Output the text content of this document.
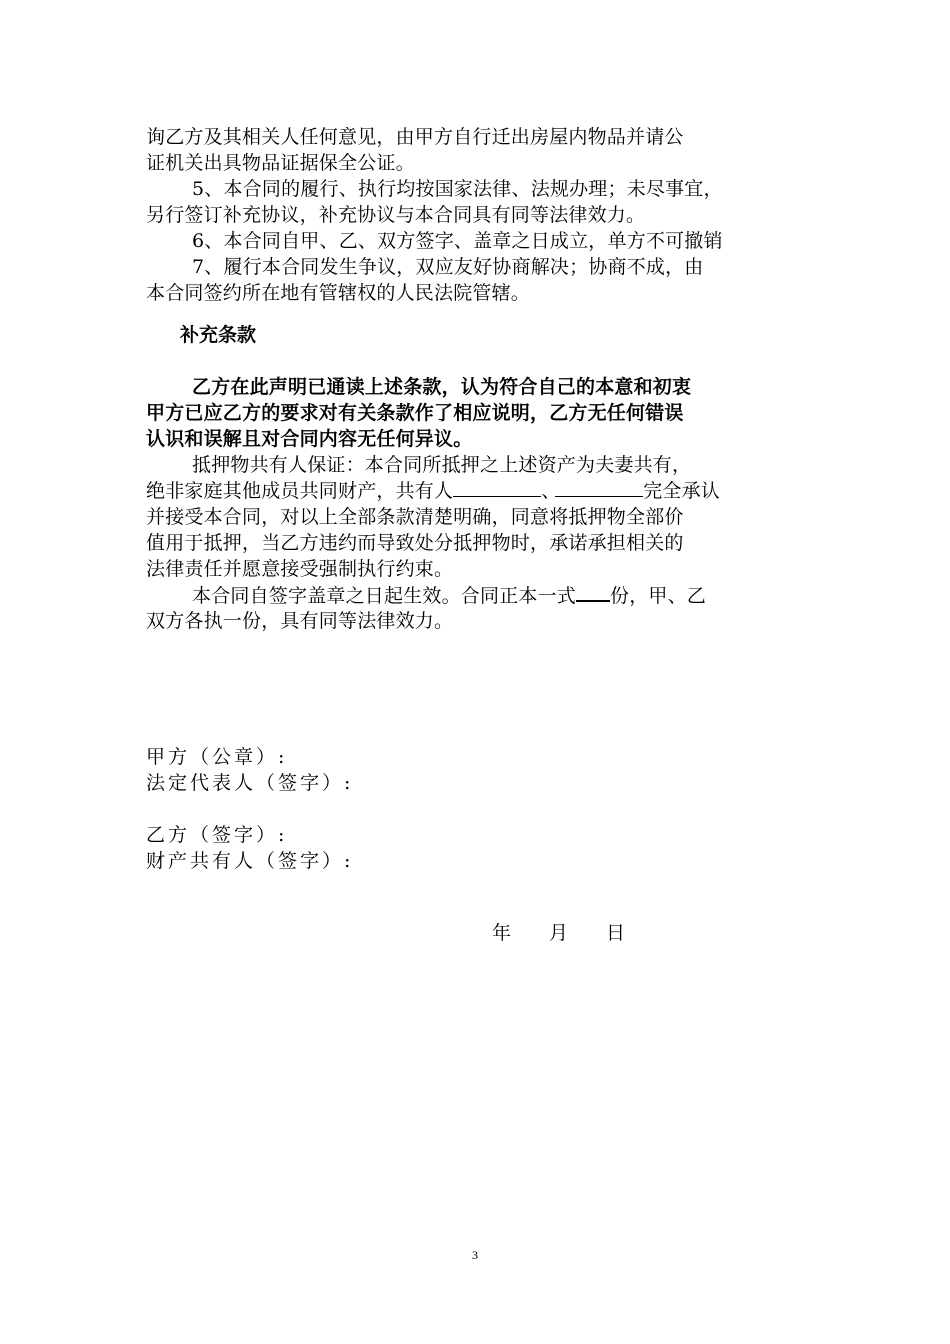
询乙方及其相关人任何意见，由甲方自行迁出房屋内物品并请公
证机关出具物品证据保全公证。
5、本合同的履行、执行均按国家法律、法规办理；未尽事宜，
另行签订补充协议，补充协议与本合同具有同等法律效力。
6、本合同自甲、乙、双方签字、盖章之日成立，单方不可撤销
7、履行本合同发生争议，双应友好协商解决；协商不成，由
本合同签约所在地有管辖权的人民法院管辖。
补充条款
乙方在此声明已通读上述条款，认为符合自己的本意和初衷
甲方已应乙方的要求对有关条款作了相应说明，乙方无任何错误
认识和误解且对合同内容无任何异议。
抵押物共有人保证：本合同所抵押之上述资产为夫妻共有，
绝非家庭其他成员共同财产，共有人	、	完全承认
并接受本合同，对以上全部条款清楚明确，同意将抵押物全部价
值用于抵押，当乙方违约而导致处分抵押物时，承诺承担相关的
法律责任并愿意接受强制执行约束。
本合同自签字盖章之日起生效。合同正本一式 份，甲、乙
双方各执一份，具有同等法律效力。
甲方（公章）:
法定代表人（签字）:
乙方（签字）:
财产共有人（签字）:
年 月 日
3
